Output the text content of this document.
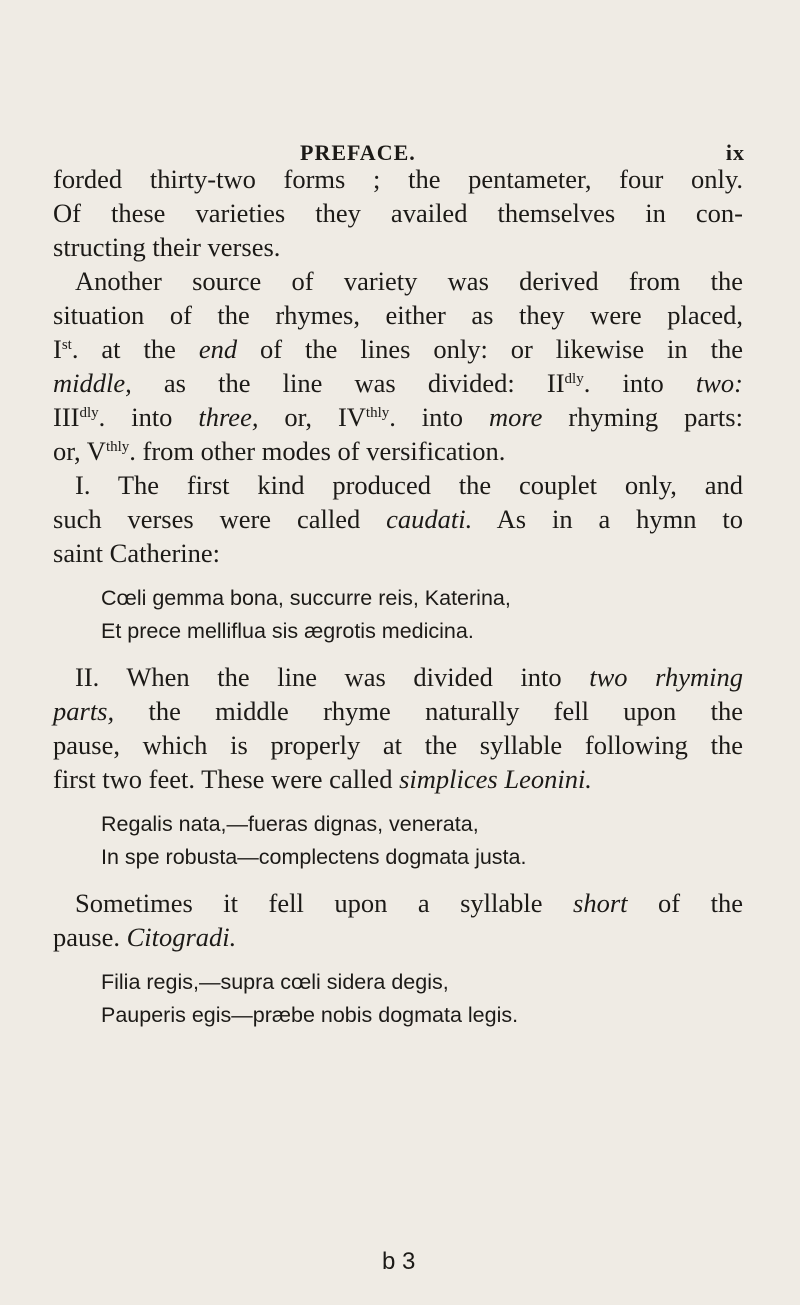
PREFACE.	ix
forded thirty-two forms ; the pentameter, four only.
Of these varieties they availed themselves in con-
structing their verses.
Another source of variety was derived from the
situation of the rhymes, either as they were placed,
Ist. at the end of the lines only: or likewise in the
middle, as the line was divided: $II^{dly}$. into two:
$III^{dly}$. into three, or, $IV^{thly}$. into more rhyming parts:
or, $V^{thly}$. from other modes of versification.
I. The first kind produced the couplet only, and
such verses were called caudati. As in a hymn to
saint Catherine:
Cœli gemma bona, succurre reis, Katerina,
Et prece melliflua sis ægrotis medicina.
II. When the line was divided into two rhyming
parts, the middle rhyme naturally fell upon the
pause, which is properly at the syllable following the
first two feet. These were called simplices Leonini.
Regalis nata,—fueras dignas, venerata,
In spe robusta—complectens dogmata justa.
Sometimes it fell upon a syllable short of the
pause. Citogradi.
Filia regis,—supra cœli sidera degis,
Pauperis egis—præbe nobis dogmata legis.
b 3
